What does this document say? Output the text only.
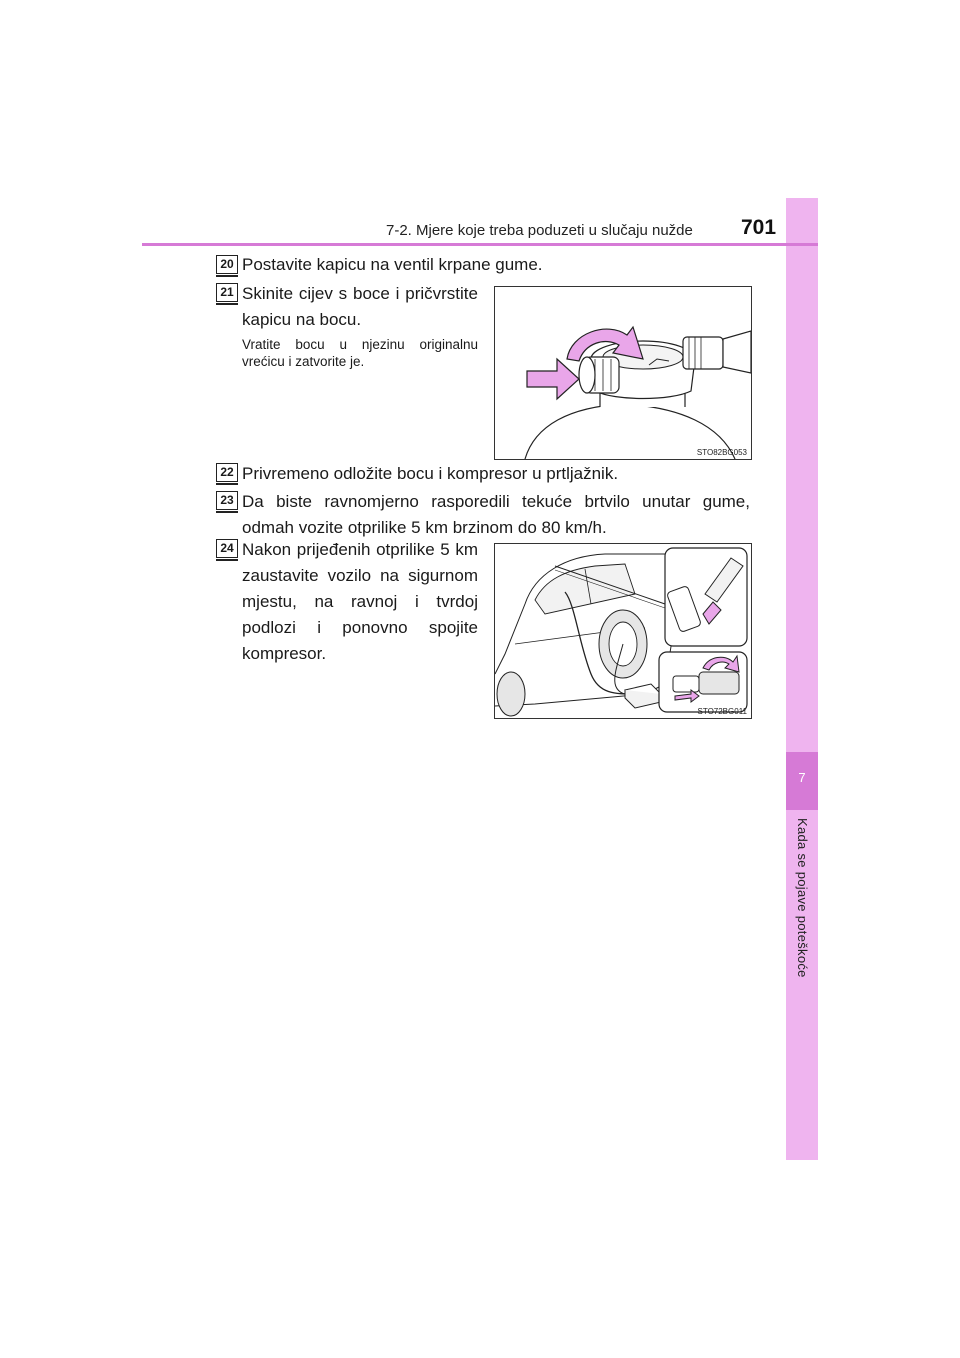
7
Kada se pojave poteškoće
7-2. Mjere koje treba poduzeti u slučaju nužde 701
20 Postavite kapicu na ventil krpane gume.
21 Skinite cijev s boce i pričvrstite kapicu na bocu.
Vratite bocu u njezinu originalnu vrećicu i zatvorite je.
STO82BG053
22 Privremeno odložite bocu i kompresor u prtljažnik.
23 Da biste ravnomjerno rasporedili tekuće brtvilo unutar gume, odmah vozite otprilike 5 km brzinom do 80 km/h.
24 Nakon prijeđenih otprilike 5 km zaustavite vozilo na sigurnom mjestu, na ravnoj i tvrdoj podlozi i ponovno spojite kompresor.
STO72BG011
